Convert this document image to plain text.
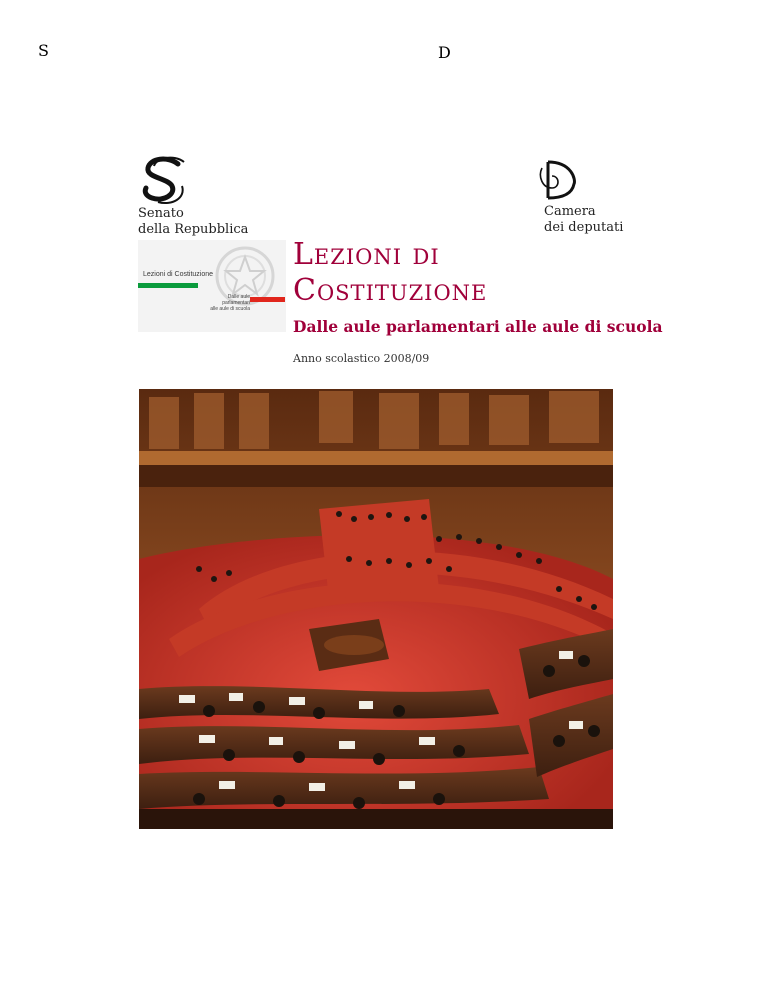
S
Senato
della Repubblica
D
Camera
dei deputati
Lezioni di Costituzione
Dalle aule parlamentari
alle aule di scuola
Lezioni di
Costituzione
Dalle aule parlamentari alle aule di scuola
Anno scolastico 2008/09
